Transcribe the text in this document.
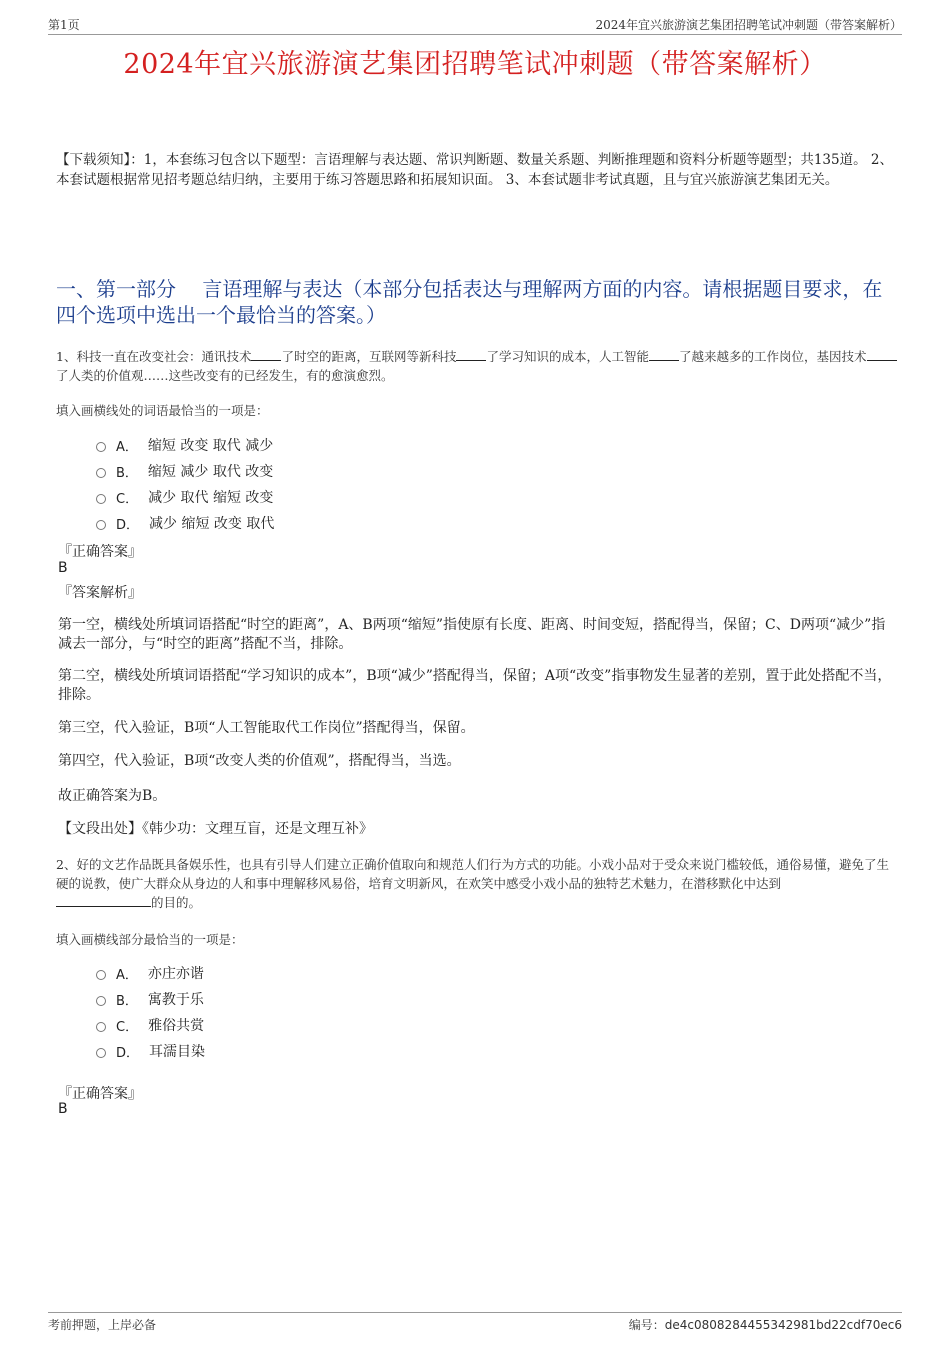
第1页	2024年宜兴旅游演艺集团招聘笔试冲刺题（带答案解析）
2024年宜兴旅游演艺集团招聘笔试冲刺题（带答案解析）
【下载须知】：1，本套练习包含以下题型：言语理解与表达题、常识判断题、数量关系题、判断推理题和资料分析题等题型；共135道。 2、本套试题根据常见招考题总结归纳，主要用于练习答题思路和拓展知识面。 3、本套试题非考试真题，且与宜兴旅游演艺集团无关。
一、第一部分　 言语理解与表达（本部分包括表达与理解两方面的内容。请根据题目要求，在四个选项中选出一个最恰当的答案。）
1、科技一直在改变社会：通讯技术 了时空的距离，互联网等新科技 了学习知识的成本，人工智能 了越来越多的工作岗位，基因技术了人类的价值观……这些改变有的已经发生，有的愈演愈烈。
填入画横线处的词语最恰当的一项是：
A． 缩短 改变 取代 减少
B． 缩短 减少 取代 改变
C． 减少 取代 缩短 改变
D． 减少 缩短 改变 取代
『正确答案』
B
『答案解析』
第一空，横线处所填词语搭配“时空的距离”，A、B两项“缩短”指使原有长度、距离、时间变短，搭配得当，保留；C、D两项“减少”指减去一部分，与“时空的距离”搭配不当，排除。
第二空，横线处所填词语搭配“学习知识的成本”，B项“减少”搭配得当，保留；A项“改变”指事物发生显著的差别，置于此处搭配不当，排除。
第三空，代入验证，B项“人工智能取代工作岗位”搭配得当，保留。
第四空，代入验证，B项“改变人类的价值观”，搭配得当，当选。
故正确答案为B。
【文段出处】《韩少功：文理互盲，还是文理互补》
2、好的文艺作品既具备娱乐性，也具有引导人们建立正确价值取向和规范人们行为方式的功能。小戏小品对于受众来说门槛较低，通俗易懂，避免了生硬的说教，使广大群众从身边的人和事中理解移风易俗，培育文明新风，在欢笑中感受小戏小品的独特艺术魅力，在潜移默化中达到
的目的。
填入画横线部分最恰当的一项是：
A． 亦庄亦谐
B． 寓教于乐
C． 雅俗共赏
D． 耳濡目染
『正确答案』
B
考前押题，上岸必备	编号：de4c0808284455342981bd22cdf70ec6
